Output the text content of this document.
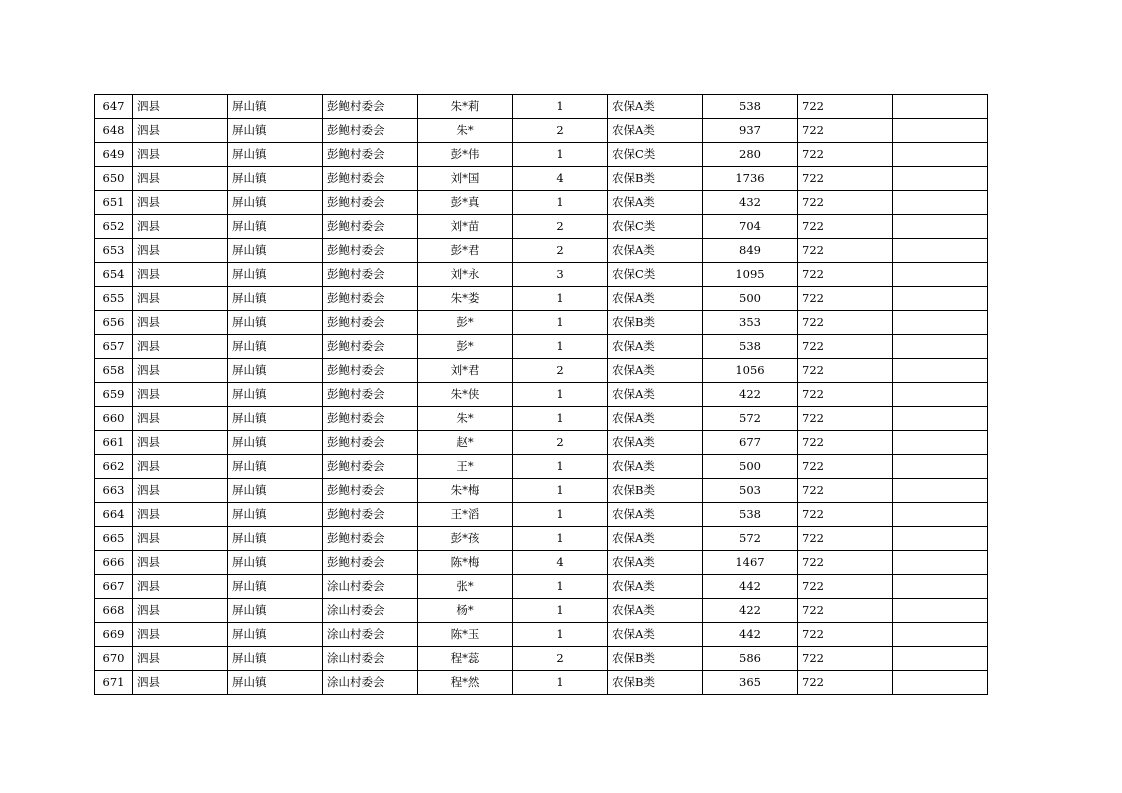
647	泗县	屏山镇	彭鲍村委会	朱*莉	1	农保A类	538	722	
648	泗县	屏山镇	彭鲍村委会	朱*	2	农保A类	937	722	
649	泗县	屏山镇	彭鲍村委会	彭*伟	1	农保C类	280	722	
650	泗县	屏山镇	彭鲍村委会	刘*国	4	农保B类	1736	722	
651	泗县	屏山镇	彭鲍村委会	彭*真	1	农保A类	432	722	
652	泗县	屏山镇	彭鲍村委会	刘*苗	2	农保C类	704	722	
653	泗县	屏山镇	彭鲍村委会	彭*君	2	农保A类	849	722	
654	泗县	屏山镇	彭鲍村委会	刘*永	3	农保C类	1095	722	
655	泗县	屏山镇	彭鲍村委会	朱*娄	1	农保A类	500	722	
656	泗县	屏山镇	彭鲍村委会	彭*	1	农保B类	353	722	
657	泗县	屏山镇	彭鲍村委会	彭*	1	农保A类	538	722	
658	泗县	屏山镇	彭鲍村委会	刘*君	2	农保A类	1056	722	
659	泗县	屏山镇	彭鲍村委会	朱*侠	1	农保A类	422	722	
660	泗县	屏山镇	彭鲍村委会	朱*	1	农保A类	572	722	
661	泗县	屏山镇	彭鲍村委会	赵*	2	农保A类	677	722	
662	泗县	屏山镇	彭鲍村委会	王*	1	农保A类	500	722	
663	泗县	屏山镇	彭鲍村委会	朱*梅	1	农保B类	503	722	
664	泗县	屏山镇	彭鲍村委会	王*滔	1	农保A类	538	722	
665	泗县	屏山镇	彭鲍村委会	彭*孩	1	农保A类	572	722	
666	泗县	屏山镇	彭鲍村委会	陈*梅	4	农保A类	1467	722	
667	泗县	屏山镇	涂山村委会	张*	1	农保A类	442	722	
668	泗县	屏山镇	涂山村委会	杨*	1	农保A类	422	722	
669	泗县	屏山镇	涂山村委会	陈*玉	1	农保A类	442	722	
670	泗县	屏山镇	涂山村委会	程*蕊	2	农保B类	586	722	
671	泗县	屏山镇	涂山村委会	程*然	1	农保B类	365	722	
